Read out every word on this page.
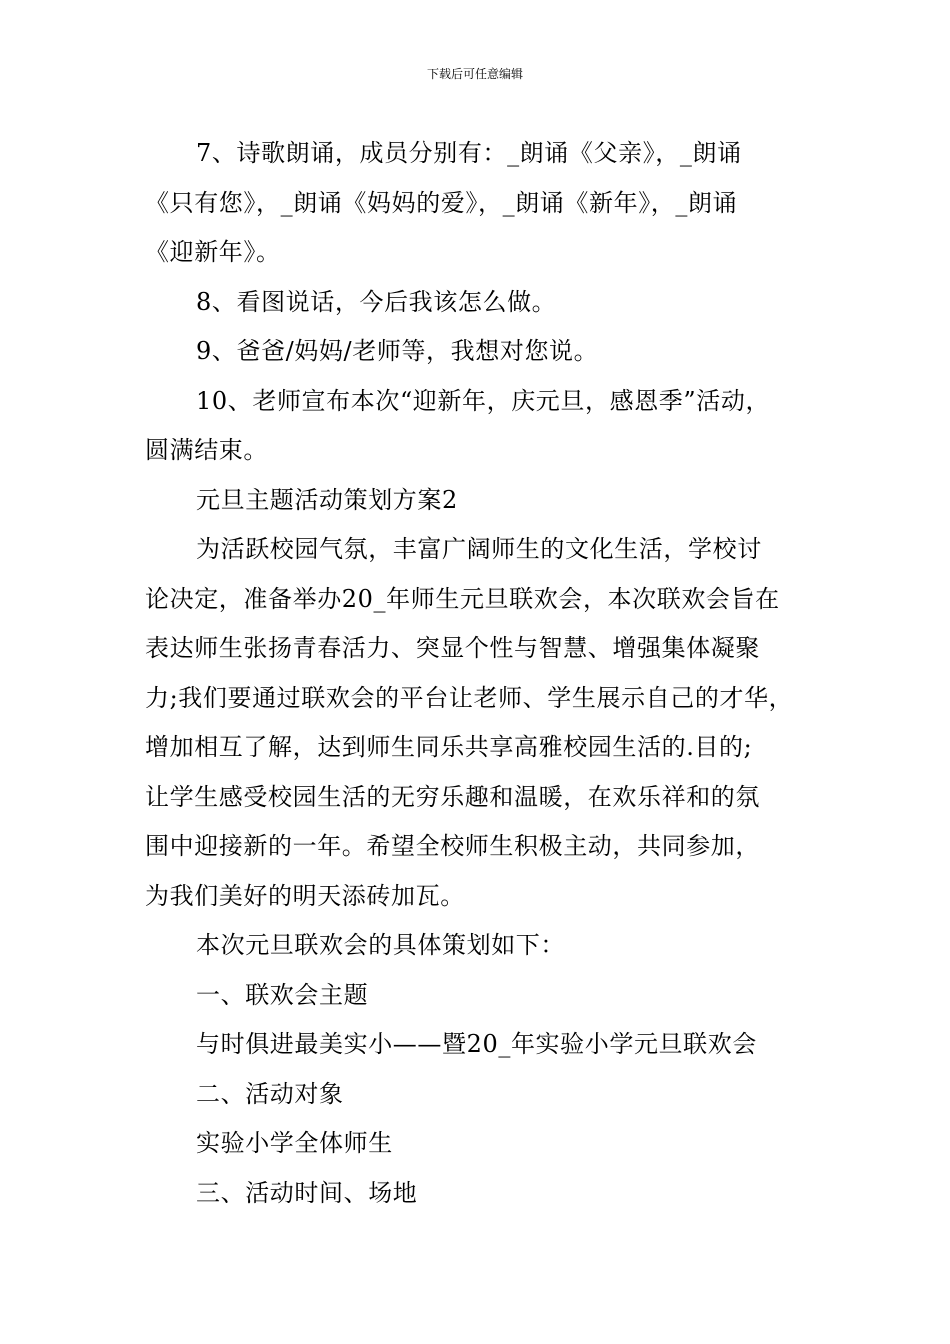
下载后可任意编辑

7、诗歌朗诵，成员分别有：_朗诵《父亲》，_朗诵

《只有您》，_朗诵《妈妈的爱》，_朗诵《新年》，_朗诵

《迎新年》。

8、看图说话，今后我该怎么做。

9、爸爸/妈妈/老师等，我想对您说。

10、老师宣布本次“迎新年，庆元旦，感恩季”活动，

圆满结束。

元旦主题活动策划方案2

为活跃校园气氛，丰富广阔师生的文化生活，学校讨

论决定，准备举办20_年师生元旦联欢会，本次联欢会旨在

表达师生张扬青春活力、突显个性与智慧、增强集体凝聚

力;我们要通过联欢会的平台让老师、学生展示自己的才华，

增加相互了解，达到师生同乐共享高雅校园生活的.目的;

让学生感受校园生活的无穷乐趣和温暖，在欢乐祥和的氛

围中迎接新的一年。希望全校师生积极主动，共同参加，

为我们美好的明天添砖加瓦。

本次元旦联欢会的具体策划如下：

一、联欢会主题

与时俱进最美实小——暨20_年实验小学元旦联欢会

二、活动对象

实验小学全体师生

三、活动时间、场地
